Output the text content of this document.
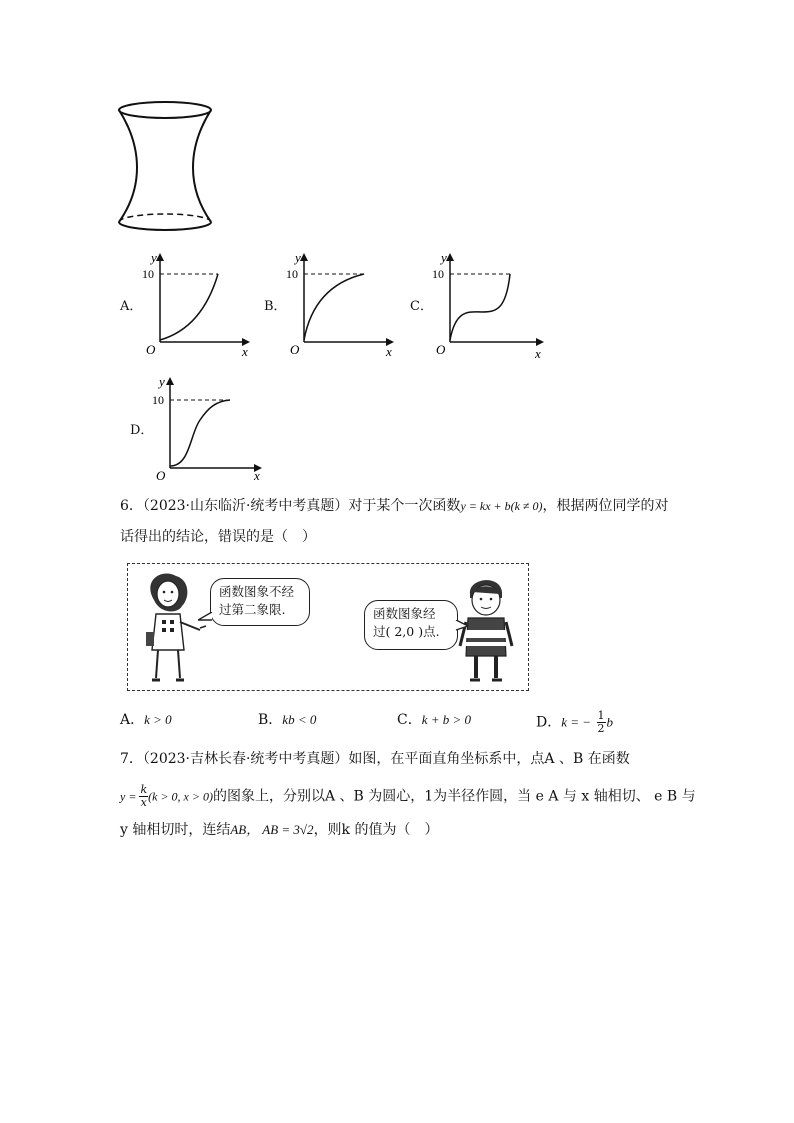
A．
y
x
O
10
B．
y
x
O
10
C．
y
x
O
10
D．
y
x
O
10
6．（2023·山东临沂·统考中考真题）对于某个一次函数y = kx + b(k ≠ 0)，根据两位同学的对
话得出的结论，错误的是（　）
函数图象不经
过第二象限.	函数图象经
过( 2,0 )点.
A．k > 0	B．kb < 0	C．k + b > 0	D．k = − $\frac{1}{2}$ b
7．（2023·吉林长春·统考中考真题）如图，在平面直角坐标系中，点A 、B 在函数
$y = \frac{k}{x} (k > 0$, x > 0)的图象上，分别以A 、B 为圆心，1为半径作圆，当 e A 与 x 轴相切、 e B 与
y 轴相切时，连结AB， AB = 3√2，则k 的值为（　）
